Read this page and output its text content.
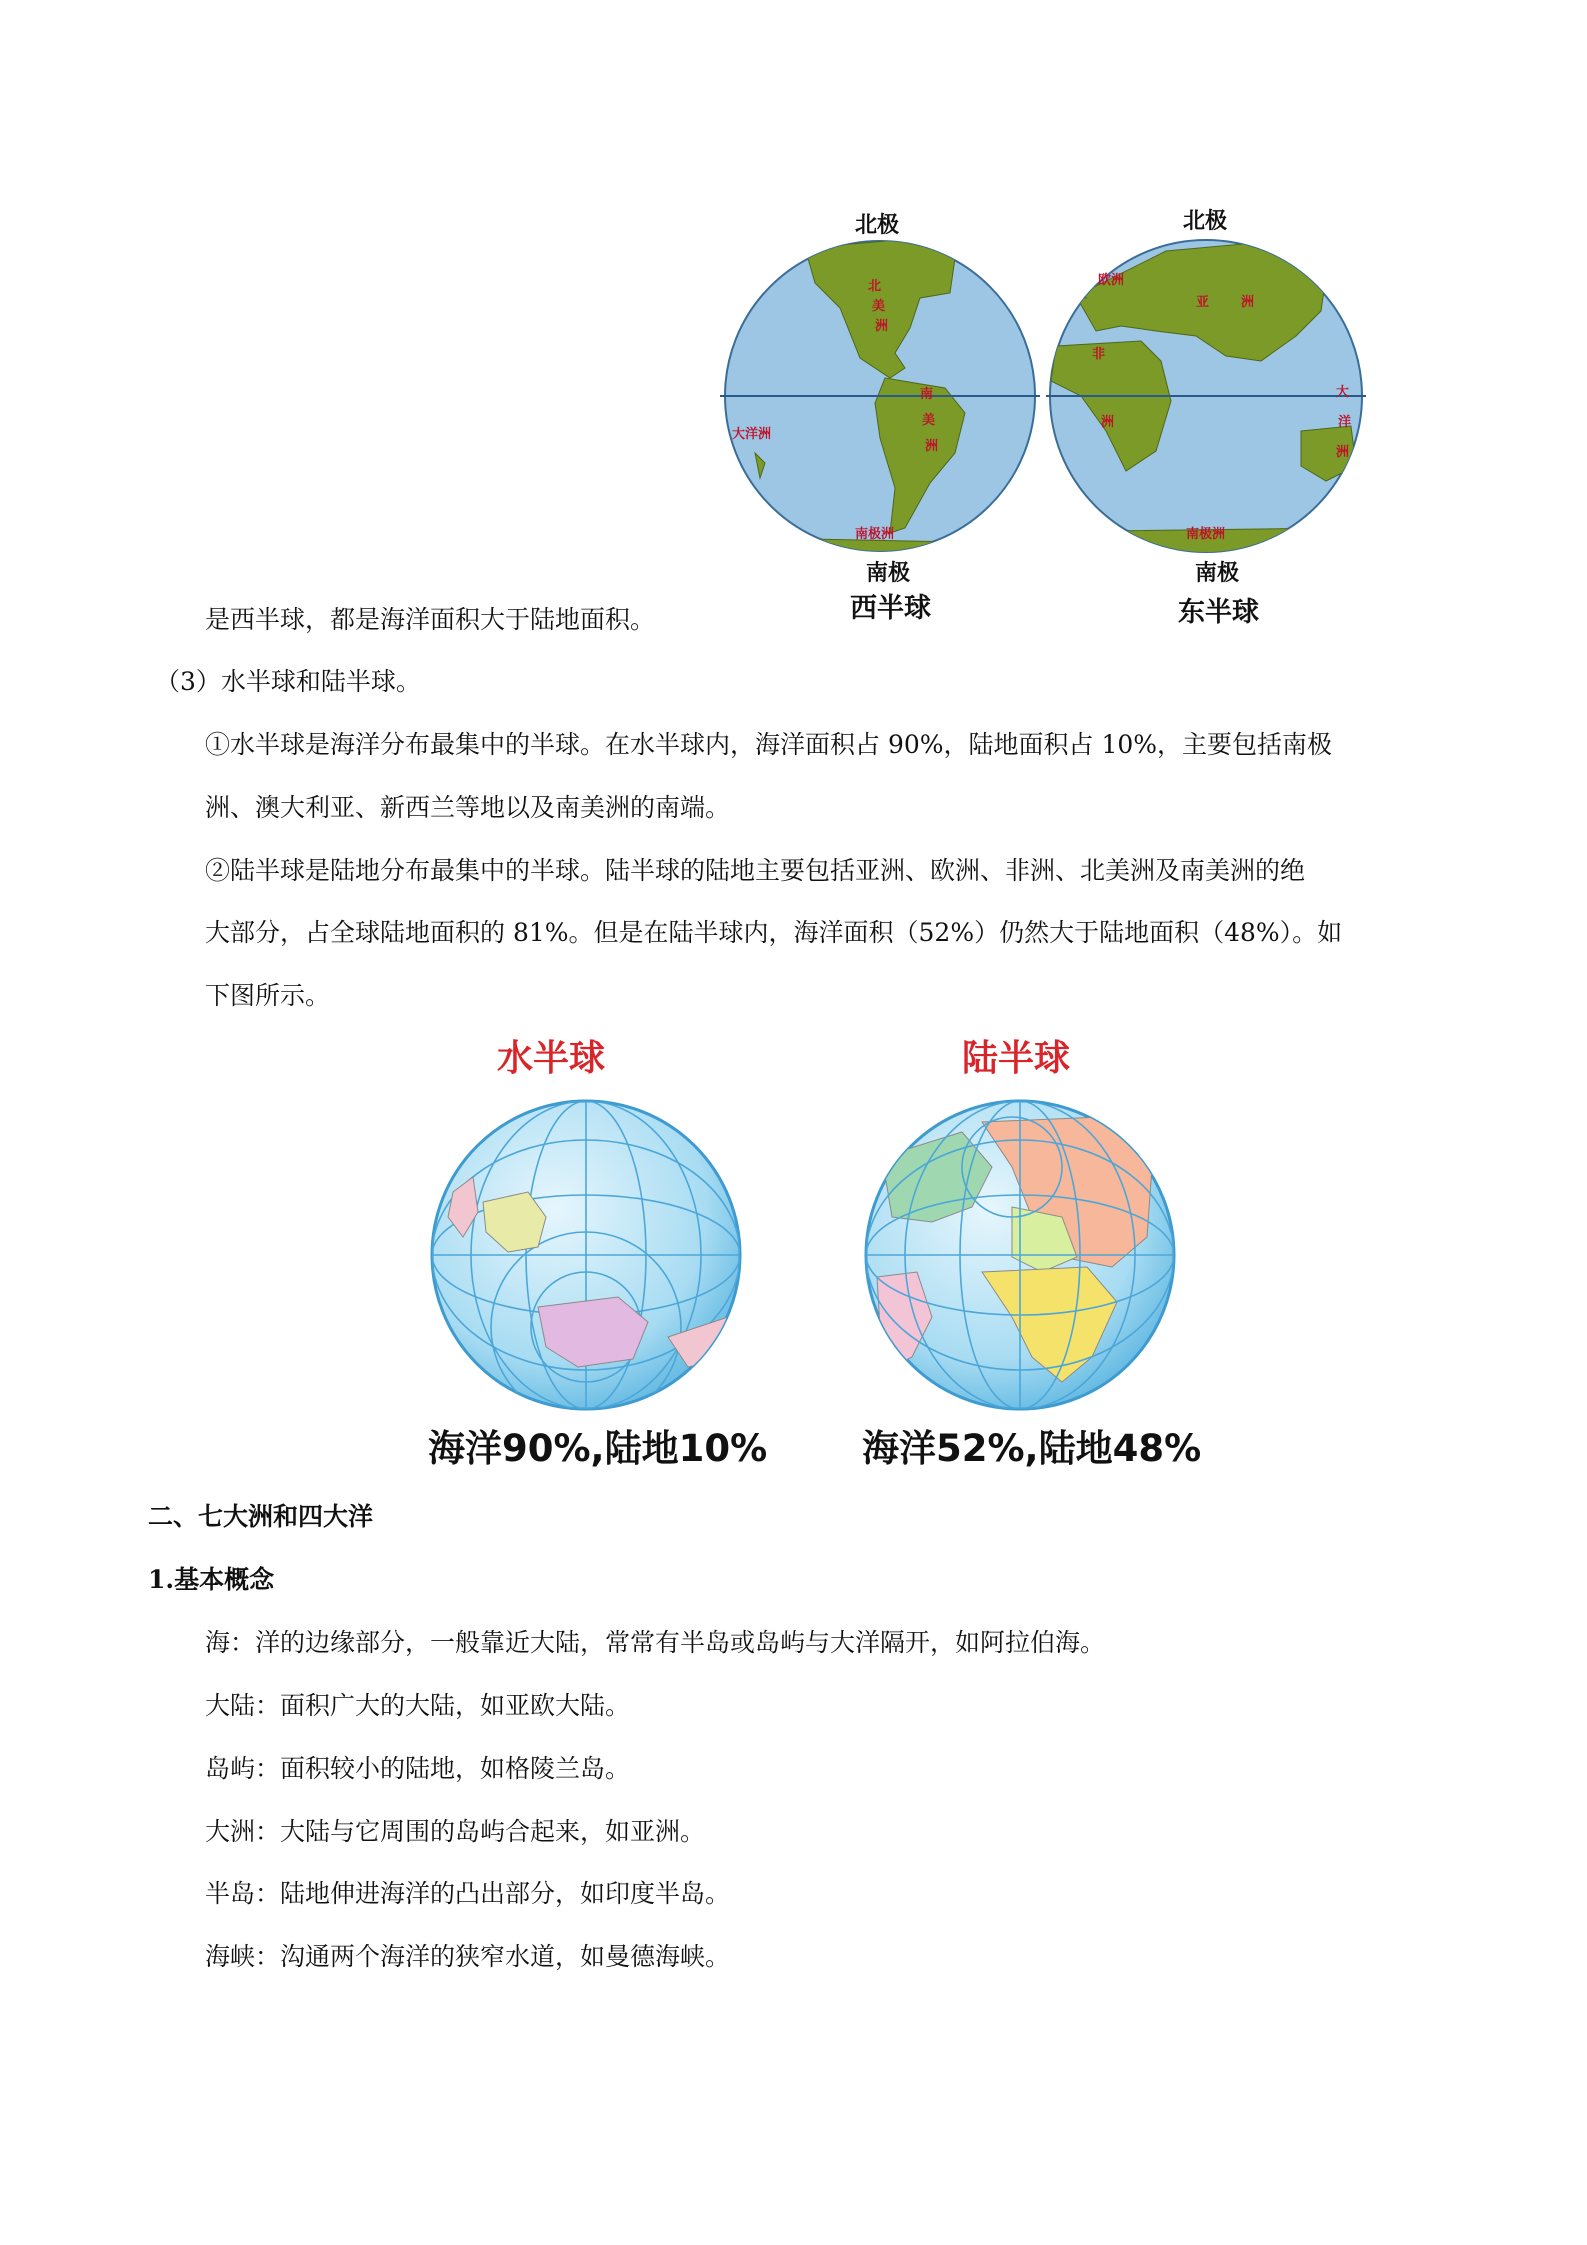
北极	北极
北
美
洲
南
美
洲
大洋洲
南极洲
欧洲
亚 洲
非
洲
大
洋
洲
南极洲
南极	南极
西半球	东半球
是西半球，都是海洋面积大于陆地面积。
（3）水半球和陆半球。
①水半球是海洋分布最集中的半球。在水半球内，海洋面积占 90%，陆地面积占 10%，主要包括南极
洲、澳大利亚、新西兰等地以及南美洲的南端。
②陆半球是陆地分布最集中的半球。陆半球的陆地主要包括亚洲、欧洲、非洲、北美洲及南美洲的绝
大部分，占全球陆地面积的 81%。但是在陆半球内，海洋面积（52%）仍然大于陆地面积（48%）。如
下图所示。
水半球	陆半球
海洋90%,陆地10%	海洋52%,陆地48%
二、七大洲和四大洋
1.基本概念
海：洋的边缘部分，一般靠近大陆，常常有半岛或岛屿与大洋隔开，如阿拉伯海。
大陆：面积广大的大陆，如亚欧大陆。
岛屿：面积较小的陆地，如格陵兰岛。
大洲：大陆与它周围的岛屿合起来，如亚洲。
半岛：陆地伸进海洋的凸出部分，如印度半岛。
海峡：沟通两个海洋的狭窄水道，如曼德海峡。
